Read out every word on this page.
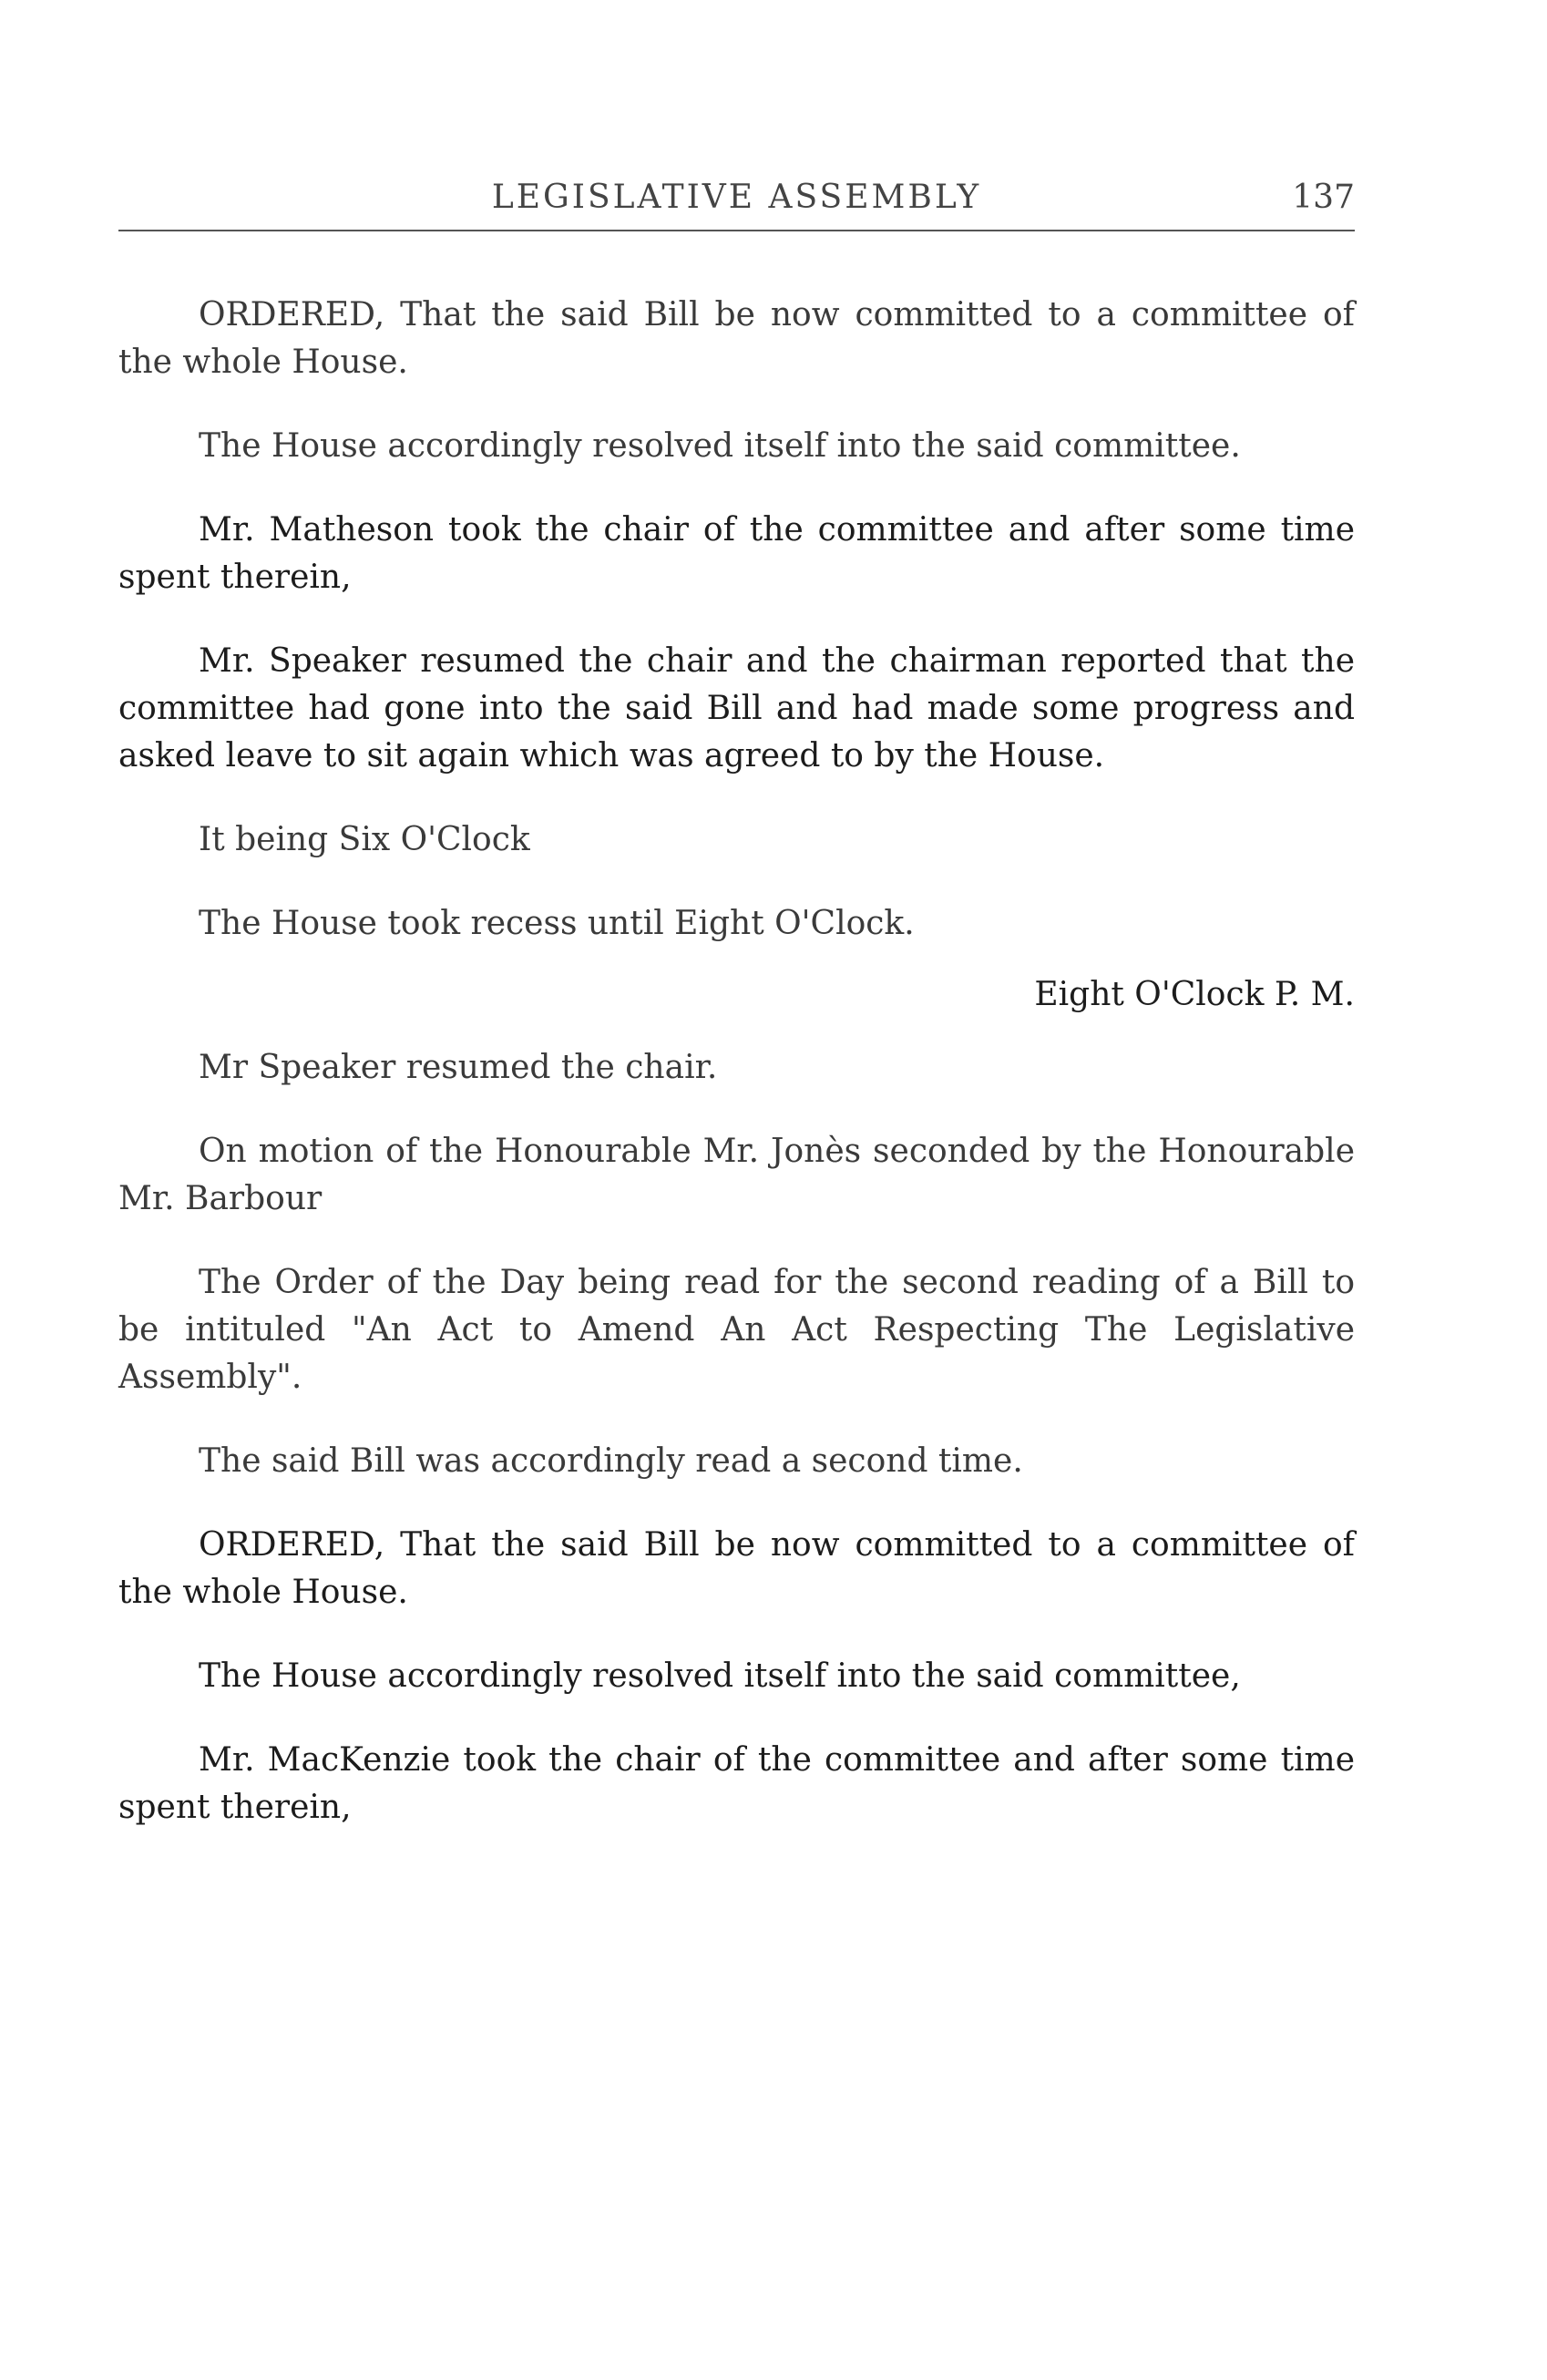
LEGISLATIVE ASSEMBLY	137

ORDERED, That the said Bill be now committed to a committee of the whole House.

The House accordingly resolved itself into the said committee.

Mr. Matheson took the chair of the committee and after some time spent therein,

Mr. Speaker resumed the chair and the chairman reported that the committee had gone into the said Bill and had made some progress and asked leave to sit again which was agreed to by the House.

It being Six O'Clock

The House took recess until Eight O'Clock.

Eight O'Clock P. M.

Mr Speaker resumed the chair.

On motion of the Honourable Mr. Jonès seconded by the Honourable Mr. Barbour

The Order of the Day being read for the second reading of a Bill to be intituled "An Act to Amend An Act Respecting The Legislative Assembly".

The said Bill was accordingly read a second time.

ORDERED, That the said Bill be now committed to a committee of the whole House.

The House accordingly resolved itself into the said committee,

Mr. MacKenzie took the chair of the committee and after some time spent therein,
